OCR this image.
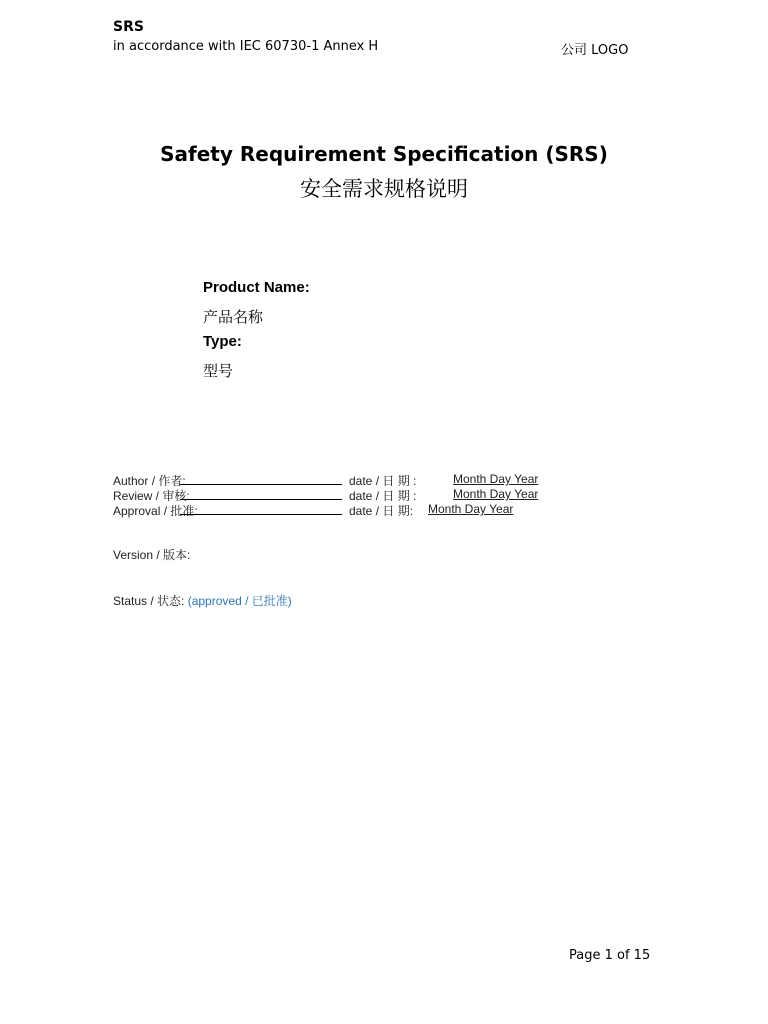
SRS
in accordance with IEC 60730-1 Annex H	公司 LOGO
Safety Requirement Specification (SRS)
安全需求规格说明
Product Name:
产品名称
Type:
型号
Author / 作者:	date / 日 期 :	Month Day Year
Review / 审核:	date / 日 期 :	Month Day Year
Approval / 批准:	date / 日 期: Month Day Year
Version / 版本:
Status / 状态: (approved / 已批准)
Page 1 of 15
